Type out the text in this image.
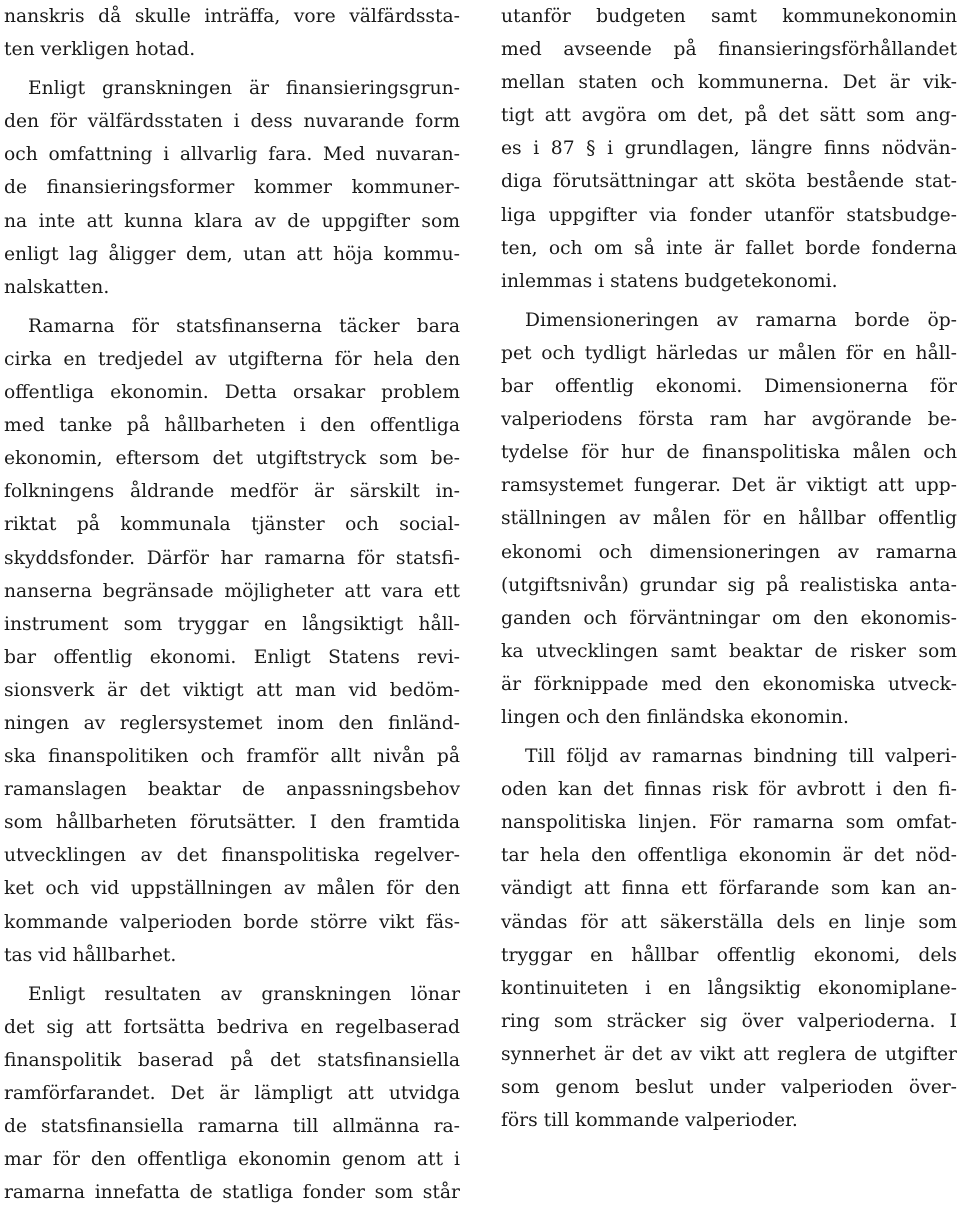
nanskris då skulle inträffa, vore välfärdssta-
ten verkligen hotad.
Enligt granskningen är finansieringsgrun-
den för välfärdsstaten i dess nuvarande form
och omfattning i allvarlig fara. Med nuvaran-
de finansieringsformer kommer kommuner-
na inte att kunna klara av de uppgifter som
enligt lag åligger dem, utan att höja kommu-
nalskatten.
Ramarna för statsfinanserna täcker bara
cirka en tredjedel av utgifterna för hela den
offentliga ekonomin. Detta orsakar problem
med tanke på hållbarheten i den offentliga
ekonomin, eftersom det utgiftstryck som be-
folkningens åldrande medför är särskilt in-
riktat på kommunala tjänster och social-
skyddsfonder. Därför har ramarna för statsfi-
nanserna begränsade möjligheter att vara ett
instrument som tryggar en långsiktigt håll-
bar offentlig ekonomi. Enligt Statens revi-
sionsverk är det viktigt att man vid bedöm-
ningen av reglersystemet inom den finländ-
ska finanspolitiken och framför allt nivån på
ramanslagen beaktar de anpassningsbehov
som hållbarheten förutsätter. I den framtida
utvecklingen av det finanspolitiska regelver-
ket och vid uppställningen av målen för den
kommande valperioden borde större vikt fäs-
tas vid hållbarhet.
Enligt resultaten av granskningen lönar
det sig att fortsätta bedriva en regelbaserad
finanspolitik baserad på det statsfinansiella
ramförfarandet. Det är lämpligt att utvidga
de statsfinansiella ramarna till allmänna ra-
mar för den offentliga ekonomin genom att i
ramarna innefatta de statliga fonder som står
utanför budgeten samt kommunekonomin
med avseende på finansieringsförhållandet
mellan staten och kommunerna. Det är vik-
tigt att avgöra om det, på det sätt som ang-
es i 87 § i grundlagen, längre finns nödvän-
diga förutsättningar att sköta bestående stat-
liga uppgifter via fonder utanför statsbudge-
ten, och om så inte är fallet borde fonderna
inlemmas i statens budgetekonomi.
Dimensioneringen av ramarna borde öp-
pet och tydligt härledas ur målen för en håll-
bar offentlig ekonomi. Dimensionerna för
valperiodens första ram har avgörande be-
tydelse för hur de finanspolitiska målen och
ramsystemet fungerar. Det är viktigt att upp-
ställningen av målen för en hållbar offentlig
ekonomi och dimensioneringen av ramarna
(utgiftsnivån) grundar sig på realistiska anta-
ganden och förväntningar om den ekonomis-
ka utvecklingen samt beaktar de risker som
är förknippade med den ekonomiska utveck-
lingen och den finländska ekonomin.
Till följd av ramarnas bindning till valperi-
oden kan det finnas risk för avbrott i den fi-
nanspolitiska linjen. För ramarna som omfat-
tar hela den offentliga ekonomin är det nöd-
vändigt att finna ett förfarande som kan an-
vändas för att säkerställa dels en linje som
tryggar en hållbar offentlig ekonomi, dels
kontinuiteten i en långsiktig ekonomiplane-
ring som sträcker sig över valperioderna. I
synnerhet är det av vikt att reglera de utgifter
som genom beslut under valperioden över-
förs till kommande valperioder.
